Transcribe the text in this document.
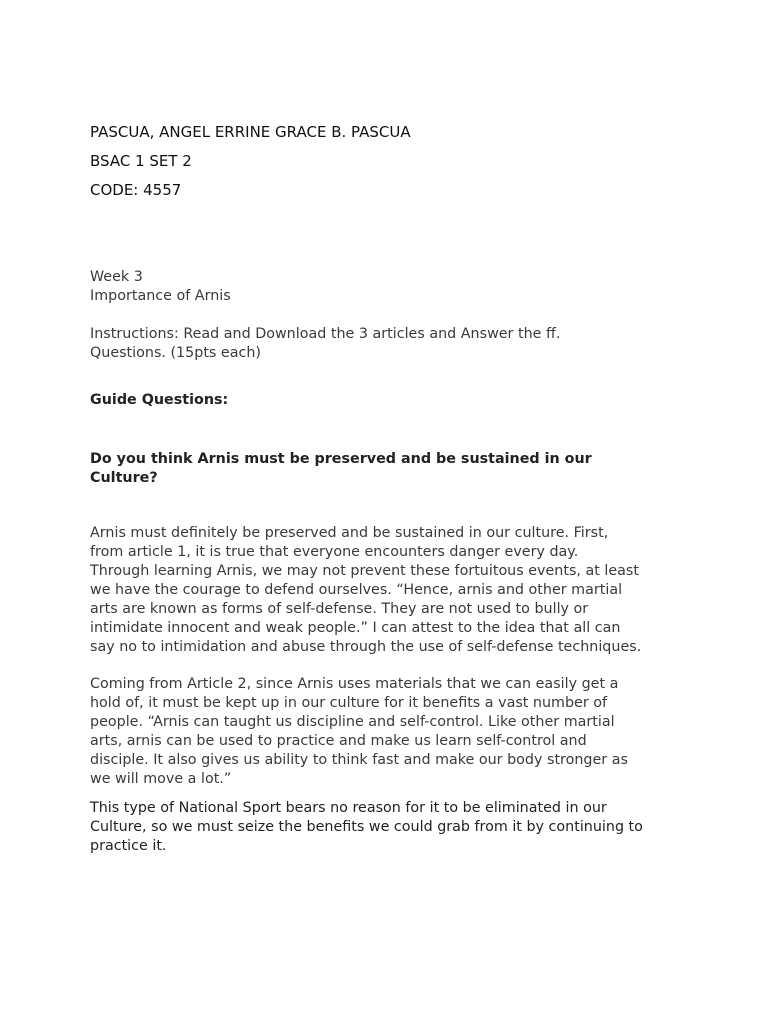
PASCUA, ANGEL ERRINE GRACE B. PASCUA
BSAC 1 SET 2
CODE: 4557
Week 3
Importance of Arnis
Instructions: Read and Download the 3 articles and Answer the ff.
Questions. (15pts each)
Guide Questions:
Do you think Arnis must be preserved and be sustained in our
Culture?
Arnis must definitely be preserved and be sustained in our culture. First,
from article 1, it is true that everyone encounters danger every day.
Through learning Arnis, we may not prevent these fortuitous events, at least
we have the courage to defend ourselves. “Hence, arnis and other martial
arts are known as forms of self-defense. They are not used to bully or
intimidate innocent and weak people.” I can attest to the idea that all can
say no to intimidation and abuse through the use of self-defense techniques.
Coming from Article 2, since Arnis uses materials that we can easily get a
hold of, it must be kept up in our culture for it benefits a vast number of
people. “Arnis can taught us discipline and self-control. Like other martial
arts, arnis can be used to practice and make us learn self-control and
disciple. It also gives us ability to think fast and make our body stronger as
we will move a lot.”
This type of National Sport bears no reason for it to be eliminated in our
Culture, so we must seize the benefits we could grab from it by continuing to
practice it.
